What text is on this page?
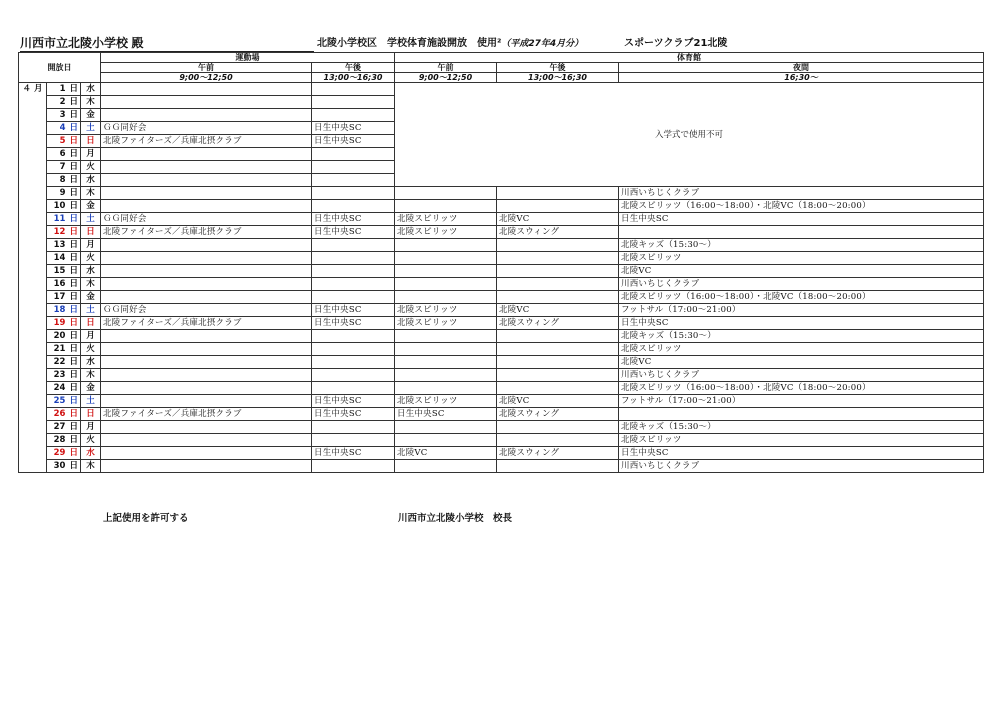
川西市立北陵小学校 殿	北陵小学校区　学校体育施設開放　使用²（平成27年4月分）	スポーツクラブ21北陵
開放日			運動場		体育館		
			午前	午後	午前	午後	夜間
			9;00～12;50	13;00～16;30	9;00～12;50	13;00～16;30	16;30～
４ 月	1 日	水			入学式で使用不可		
	2 日	木					
	3 日	金					
	4 日	土	ＧＧ同好会	日生中央SC			
	5 日	日	北陵ファイターズ／兵庫北摂クラブ	日生中央SC			
	6 日	月					
	7 日	火					
	8 日	水					
	9 日	木					川西いちじくクラブ
	10 日	金					北陵スピリッツ（16:00～18:00）・北陵VC（18:00～20:00）
	11 日	土	ＧＧ同好会	日生中央SC	北陵スピリッツ	北陵VC	日生中央SC
	12 日	日	北陵ファイターズ／兵庫北摂クラブ	日生中央SC	北陵スピリッツ	北陵スウィング	
	13 日	月					北陵キッズ（15:30～）
	14 日	火					北陵スピリッツ
	15 日	水					北陵VC
	16 日	木					川西いちじくクラブ
	17 日	金					北陵スピリッツ（16:00～18:00）・北陵VC（18:00～20:00）
	18 日	土	ＧＧ同好会	日生中央SC	北陵スピリッツ	北陵VC	フットサル（17:00～21:00）
	19 日	日	北陵ファイターズ／兵庫北摂クラブ	日生中央SC	北陵スピリッツ	北陵スウィング	日生中央SC
	20 日	月					北陵キッズ（15:30～）
	21 日	火					北陵スピリッツ
	22 日	水					北陵VC
	23 日	木					川西いちじくクラブ
	24 日	金					北陵スピリッツ（16:00～18:00）・北陵VC（18:00～20:00）
	25 日	土		日生中央SC	北陵スピリッツ	北陵VC	フットサル（17:00～21:00）
	26 日	日	北陵ファイターズ／兵庫北摂クラブ	日生中央SC	日生中央SC	北陵スウィング	
	27 日	月					北陵キッズ（15:30～）
	28 日	火					北陵スピリッツ
	29 日	水		日生中央SC	北陵VC	北陵スウィング	日生中央SC
	30 日	木					川西いちじくクラブ
上記使用を許可する	川西市立北陵小学校　校長
